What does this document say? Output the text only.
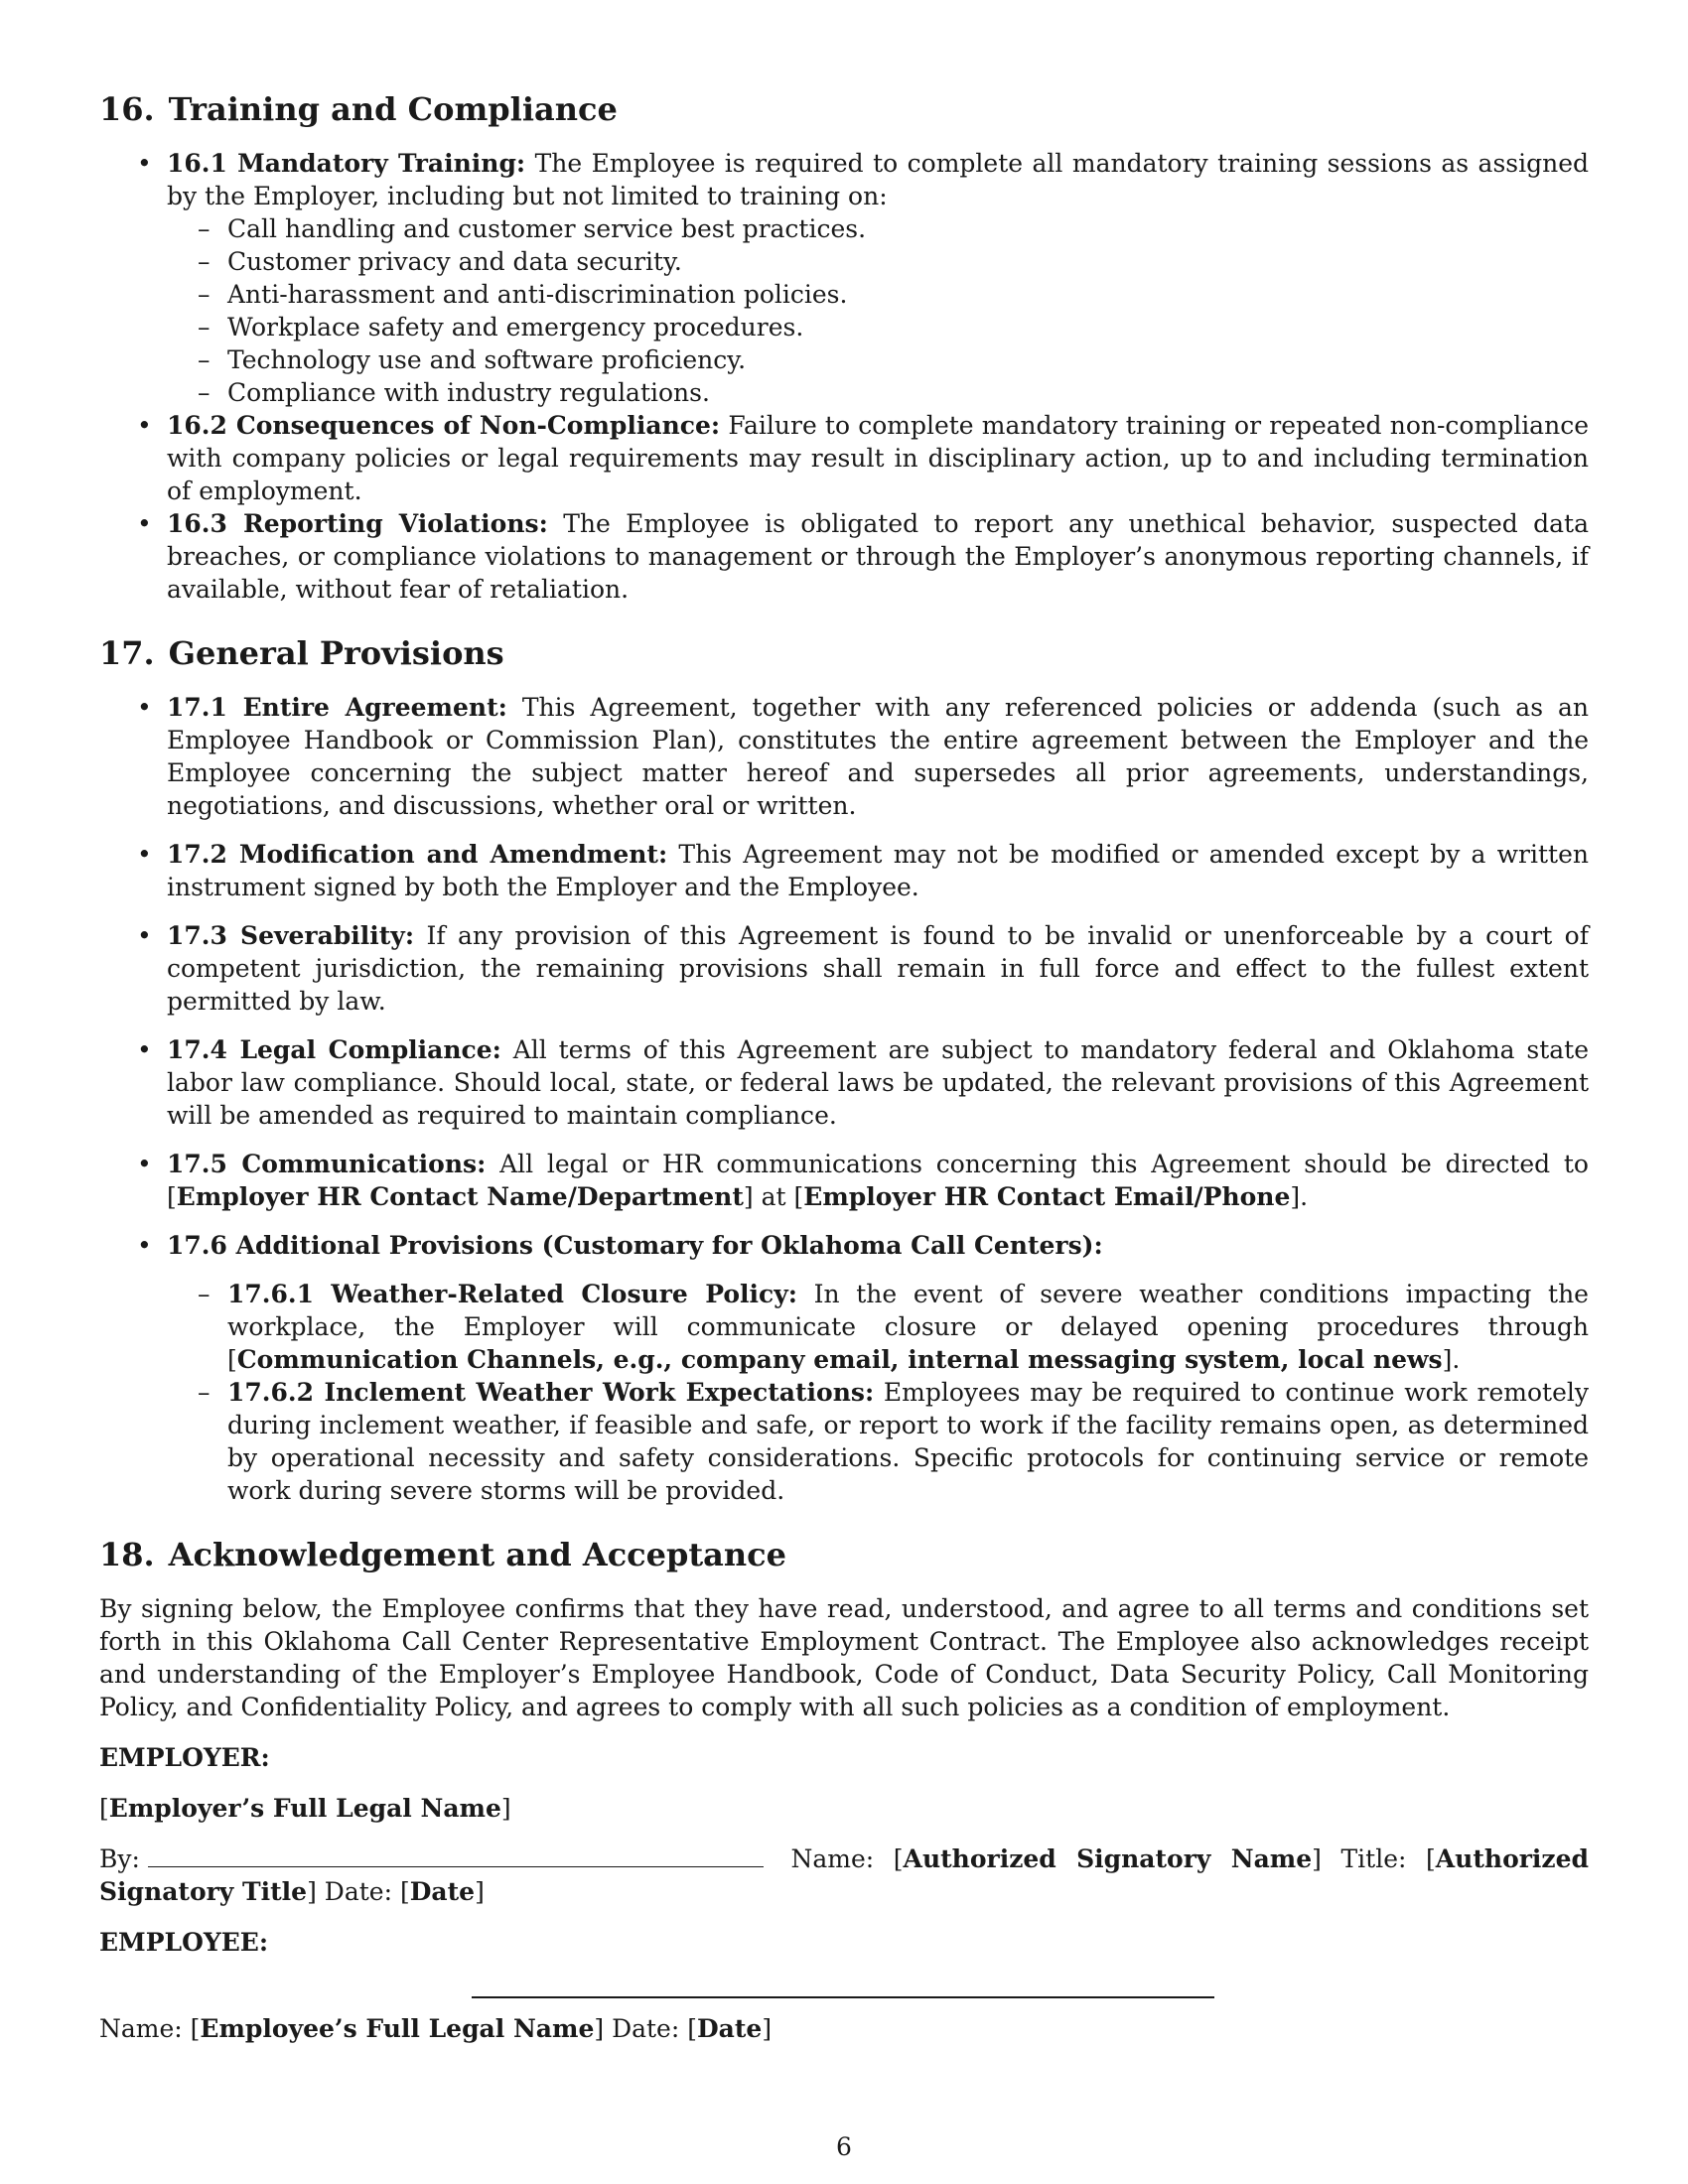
16. Training and Compliance
• 16.1 Mandatory Training: The Employee is required to complete all mandatory training sessions as assigned by the Employer, including but not limited to training on:
– Call handling and customer service best practices.
– Customer privacy and data security.
– Anti-harassment and anti-discrimination policies.
– Workplace safety and emergency procedures.
– Technology use and software proficiency.
– Compliance with industry regulations.
• 16.2 Consequences of Non-Compliance: Failure to complete mandatory training or repeated non-compliance with company policies or legal requirements may result in disciplinary action, up to and including termination of employment.
• 16.3 Reporting Violations: The Employee is obligated to report any unethical behavior, suspected data breaches, or compliance violations to management or through the Employer’s anonymous reporting channels, if available, without fear of retaliation.
17. General Provisions
• 17.1 Entire Agreement: This Agreement, together with any referenced policies or addenda (such as an Employee Handbook or Commission Plan), constitutes the entire agreement between the Employer and the Employee concerning the subject matter hereof and supersedes all prior agreements, understandings, negotiations, and discussions, whether oral or written.
• 17.2 Modification and Amendment: This Agreement may not be modified or amended except by a written instrument signed by both the Employer and the Employee.
• 17.3 Severability: If any provision of this Agreement is found to be invalid or unenforceable by a court of competent jurisdiction, the remaining provisions shall remain in full force and effect to the fullest extent permitted by law.
• 17.4 Legal Compliance: All terms of this Agreement are subject to mandatory federal and Oklahoma state labor law compliance. Should local, state, or federal laws be updated, the relevant provisions of this Agreement will be amended as required to maintain compliance.
• 17.5 Communications: All legal or HR communications concerning this Agreement should be directed to [Employer HR Contact Name/Department] at [Employer HR Contact Email/Phone].
• 17.6 Additional Provisions (Customary for Oklahoma Call Centers):
– 17.6.1 Weather-Related Closure Policy: In the event of severe weather conditions impacting the workplace, the Employer will communicate closure or delayed opening procedures through [Communication Channels, e.g., company email, internal messaging system, local news].
– 17.6.2 Inclement Weather Work Expectations: Employees may be required to continue work remotely during inclement weather, if feasible and safe, or report to work if the facility remains open, as determined by operational necessity and safety considerations. Specific protocols for continuing service or remote work during severe storms will be provided.
18. Acknowledgement and Acceptance

By signing below, the Employee confirms that they have read, understood, and agree to all terms and conditions set forth in this Oklahoma Call Center Representative Employment Contract. The Employee also acknowledges receipt and understanding of the Employer’s Employee Handbook, Code of Conduct, Data Security Policy, Call Monitoring Policy, and Confidentiality Policy, and agrees to comply with all such policies as a condition of employment.

EMPLOYER:

[Employer’s Full Legal Name]

By:	Name: [Authorized Signatory Name] Title: [Authorized Signatory Title] Date: [Date]

EMPLOYEE:

Name: [Employee’s Full Legal Name] Date: [Date]

6
